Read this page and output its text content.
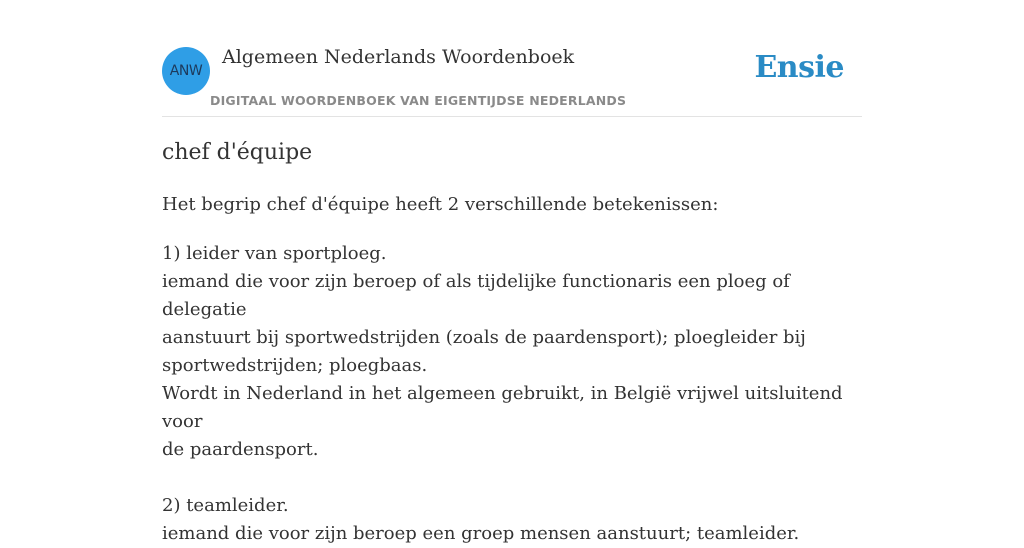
ANW
Algemeen Nederlands Woordenboek
DIGITAAL WOORDENBOEK VAN EIGENTIJDSE NEDERLANDS
Ensie
chef d'équipe

Het begrip chef d'équipe heeft 2 verschillende betekenissen:

1) leider van sportploeg.
iemand die voor zijn beroep of als tijdelijke functionaris een ploeg of delegatie
aanstuurt bij sportwedstrijden (zoals de paardensport); ploegleider bij
sportwedstrijden; ploegbaas.
Wordt in Nederland in het algemeen gebruikt, in België vrijwel uitsluitend voor
de paardensport.
2) teamleider.
iemand die voor zijn beroep een groep mensen aanstuurt; teamleider.
